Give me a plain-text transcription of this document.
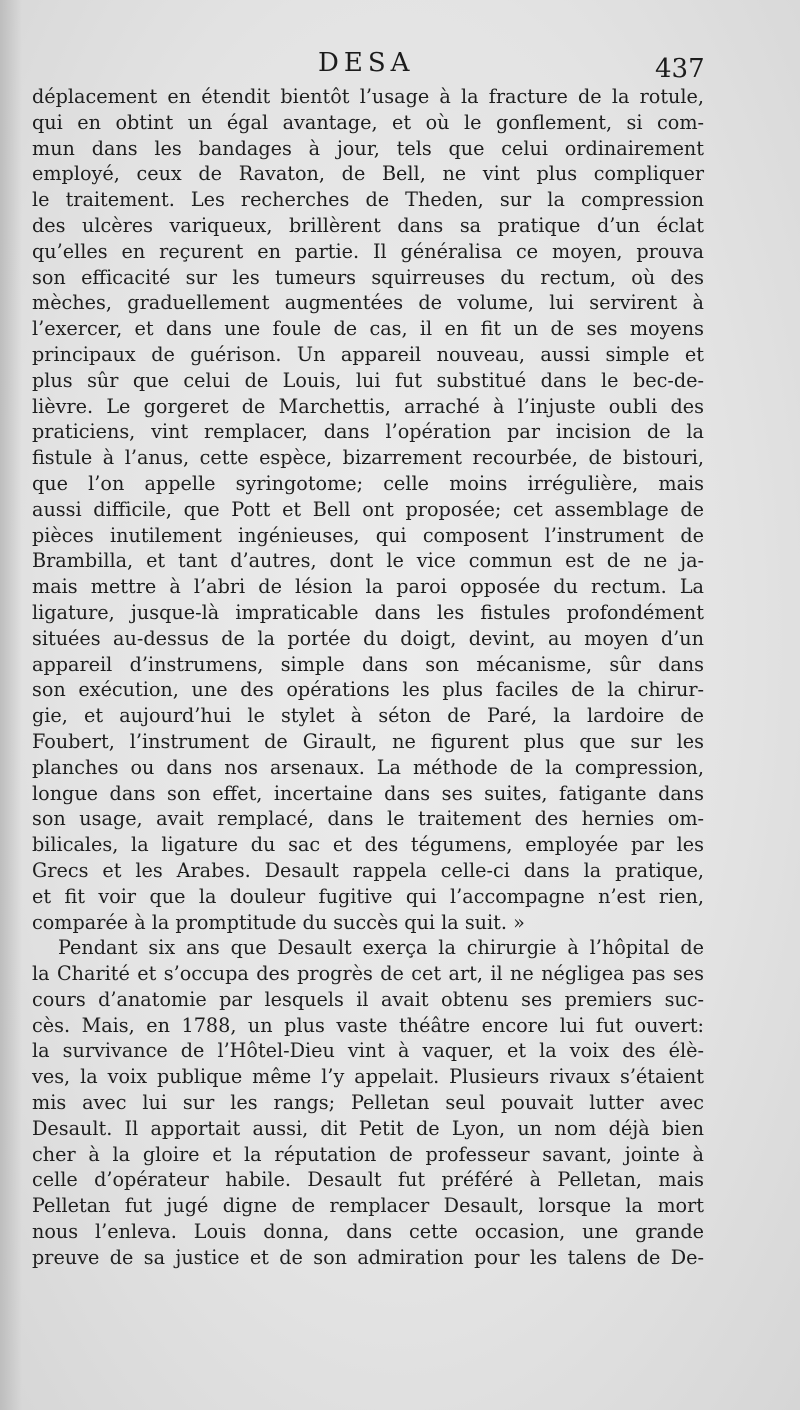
DESA	437
déplacement en étendit bientôt l’usage à la fracture de la rotule,
qui en obtint un égal avantage, et où le gonflement, si com-
mun dans les bandages à jour, tels que celui ordinairement
employé, ceux de Ravaton, de Bell, ne vint plus compliquer
le traitement. Les recherches de Theden, sur la compression
des ulcères variqueux, brillèrent dans sa pratique d’un éclat
qu’elles en reçurent en partie. Il généralisa ce moyen, prouva
son efficacité sur les tumeurs squirreuses du rectum, où des
mèches, graduellement augmentées de volume, lui servirent à
l’exercer, et dans une foule de cas, il en fit un de ses moyens
principaux de guérison. Un appareil nouveau, aussi simple et
plus sûr que celui de Louis, lui fut substitué dans le bec-de-
lièvre. Le gorgeret de Marchettis, arraché à l’injuste oubli des
praticiens, vint remplacer, dans l’opération par incision de la
fistule à l’anus, cette espèce, bizarrement recourbée, de bistouri,
que l’on appelle syringotome; celle moins irrégulière, mais
aussi difficile, que Pott et Bell ont proposée; cet assemblage de
pièces inutilement ingénieuses, qui composent l’instrument de
Brambilla, et tant d’autres, dont le vice commun est de ne ja-
mais mettre à l’abri de lésion la paroi opposée du rectum. La
ligature, jusque-là impraticable dans les fistules profondément
situées au-dessus de la portée du doigt, devint, au moyen d’un
appareil d’instrumens, simple dans son mécanisme, sûr dans
son exécution, une des opérations les plus faciles de la chirur-
gie, et aujourd’hui le stylet à séton de Paré, la lardoire de
Foubert, l’instrument de Girault, ne figurent plus que sur les
planches ou dans nos arsenaux. La méthode de la compression,
longue dans son effet, incertaine dans ses suites, fatigante dans
son usage, avait remplacé, dans le traitement des hernies om-
bilicales, la ligature du sac et des tégumens, employée par les
Grecs et les Arabes. Desault rappela celle-ci dans la pratique,
et fit voir que la douleur fugitive qui l’accompagne n’est rien,
comparée à la promptitude du succès qui la suit. »
Pendant six ans que Desault exerça la chirurgie à l’hôpital de
la Charité et s’occupa des progrès de cet art, il ne négligea pas ses
cours d’anatomie par lesquels il avait obtenu ses premiers suc-
cès. Mais, en 1788, un plus vaste théâtre encore lui fut ouvert:
la survivance de l’Hôtel-Dieu vint à vaquer, et la voix des élè-
ves, la voix publique même l’y appelait. Plusieurs rivaux s’étaient
mis avec lui sur les rangs; Pelletan seul pouvait lutter avec
Desault. Il apportait aussi, dit Petit de Lyon, un nom déjà bien
cher à la gloire et la réputation de professeur savant, jointe à
celle d’opérateur habile. Desault fut préféré à Pelletan, mais
Pelletan fut jugé digne de remplacer Desault, lorsque la mort
nous l’enleva. Louis donna, dans cette occasion, une grande
preuve de sa justice et de son admiration pour les talens de De-
